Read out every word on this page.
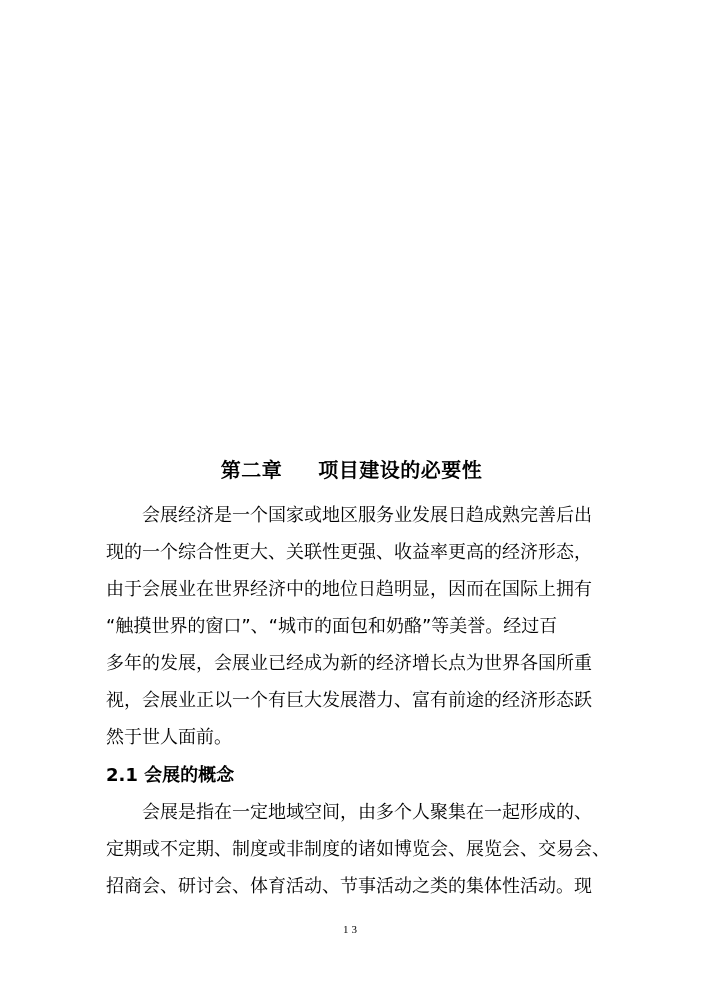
第二章 项目建设的必要性
会展经济是一个国家或地区服务业发展日趋成熟完善后出
现的一个综合性更大、关联性更强、收益率更高的经济形态，
由于会展业在世界经济中的地位日趋明显，因而在国际上拥有
“触摸世界的窗口”、“城市的面包和奶酪”等美誉。经过百
多年的发展，会展业已经成为新的经济增长点为世界各国所重
视，会展业正以一个有巨大发展潜力、富有前途的经济形态跃
然于世人面前。
2.1 会展的概念
会展是指在一定地域空间，由多个人聚集在一起形成的、
定期或不定期、制度或非制度的诸如博览会、展览会、交易会、
招商会、研讨会、体育活动、节事活动之类的集体性活动。现
13
